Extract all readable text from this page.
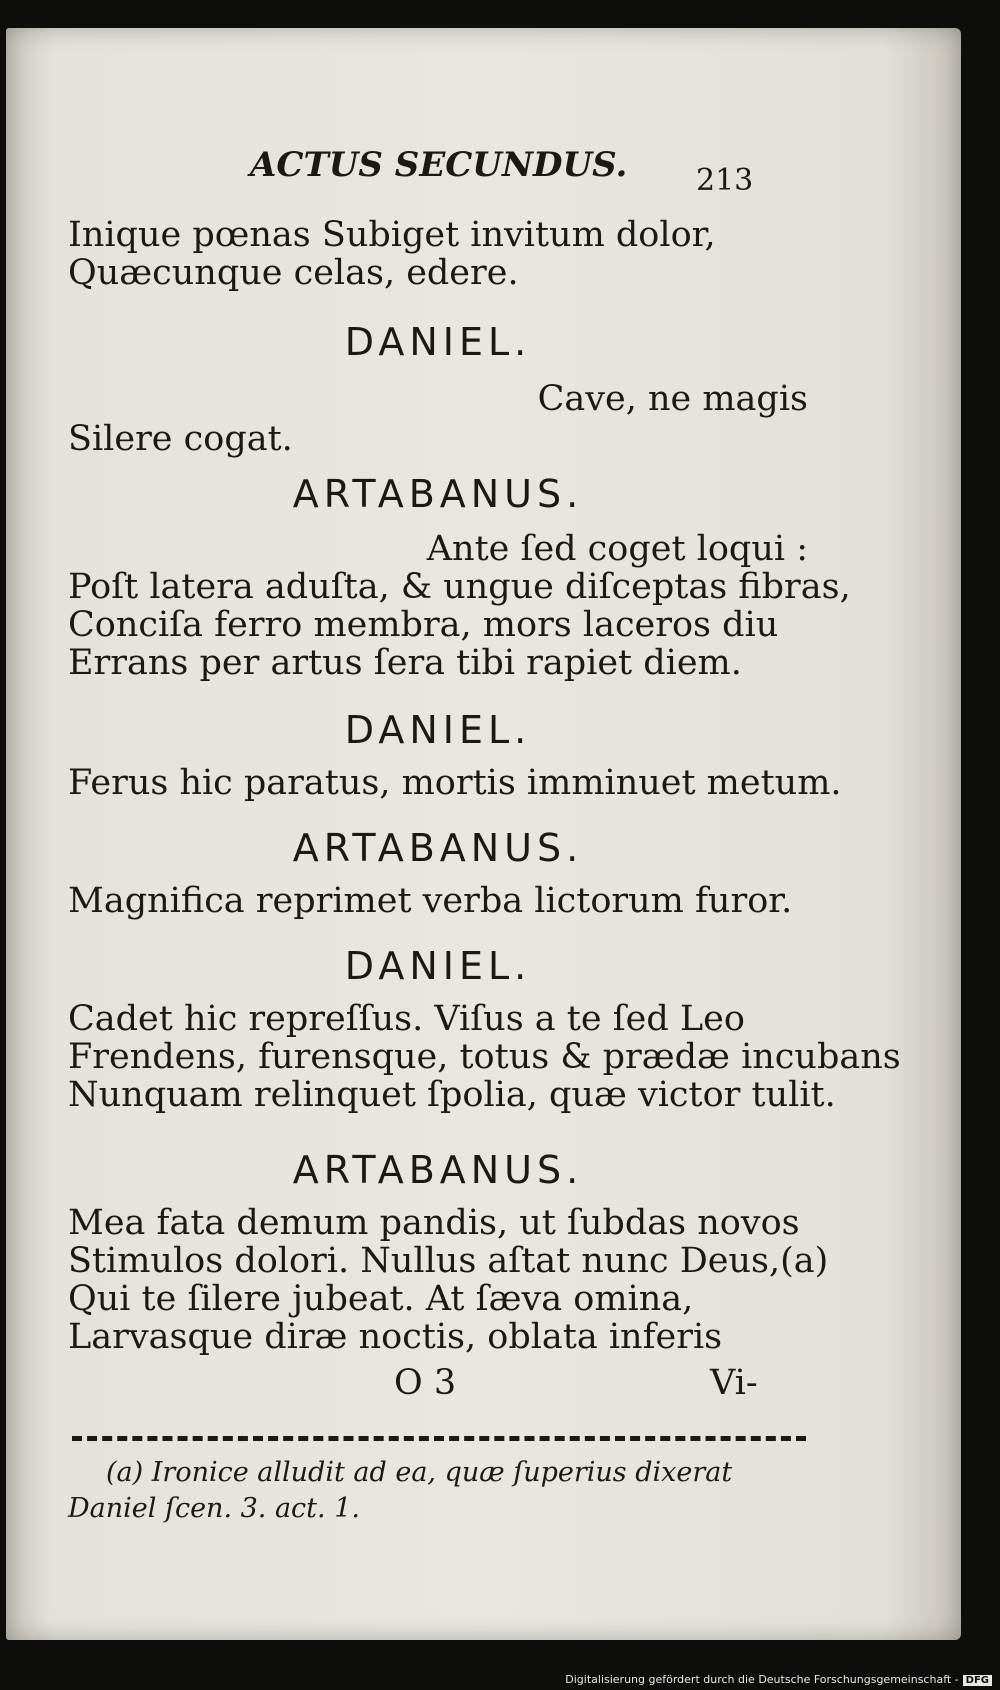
ACTUS SECUNDUS. 213
Inique pœnas Subiget invitum dolor,
Quæcunque celas, edere.
DANIEL.
Cave, ne magis
Silere cogat.
ARTABANUS.
Ante ſed coget loqui :
Poſt latera aduſta, & ungue diſceptas fibras,
Conciſa ferro membra, mors laceros diu
Errans per artus ſera tibi rapiet diem.
DANIEL.
Ferus hic paratus, mortis imminuet metum.
ARTABANUS.
Magnifica reprimet verba lictorum furor.
DANIEL.
Cadet hic repreſſus. Viſus a te ſed Leo
Frendens, furensque, totus & prædæ incubans
Nunquam relinquet ſpolia, quæ victor tulit.
ARTABANUS.
Mea fata demum pandis, ut ſubdas novos
Stimulos dolori. Nullus aſtat nunc Deus,(a)
Qui te ſilere jubeat. At ſæva omina,
Larvasque diræ noctis, oblata inferis
O 3	Vi-
(a) Ironice alludit ad ea, quæ ſuperius dixerat
Daniel ſcen. 3. act. 1.
Digitalisierung gefördert durch die Deutsche Forschungsgemeinschaft - DFG
